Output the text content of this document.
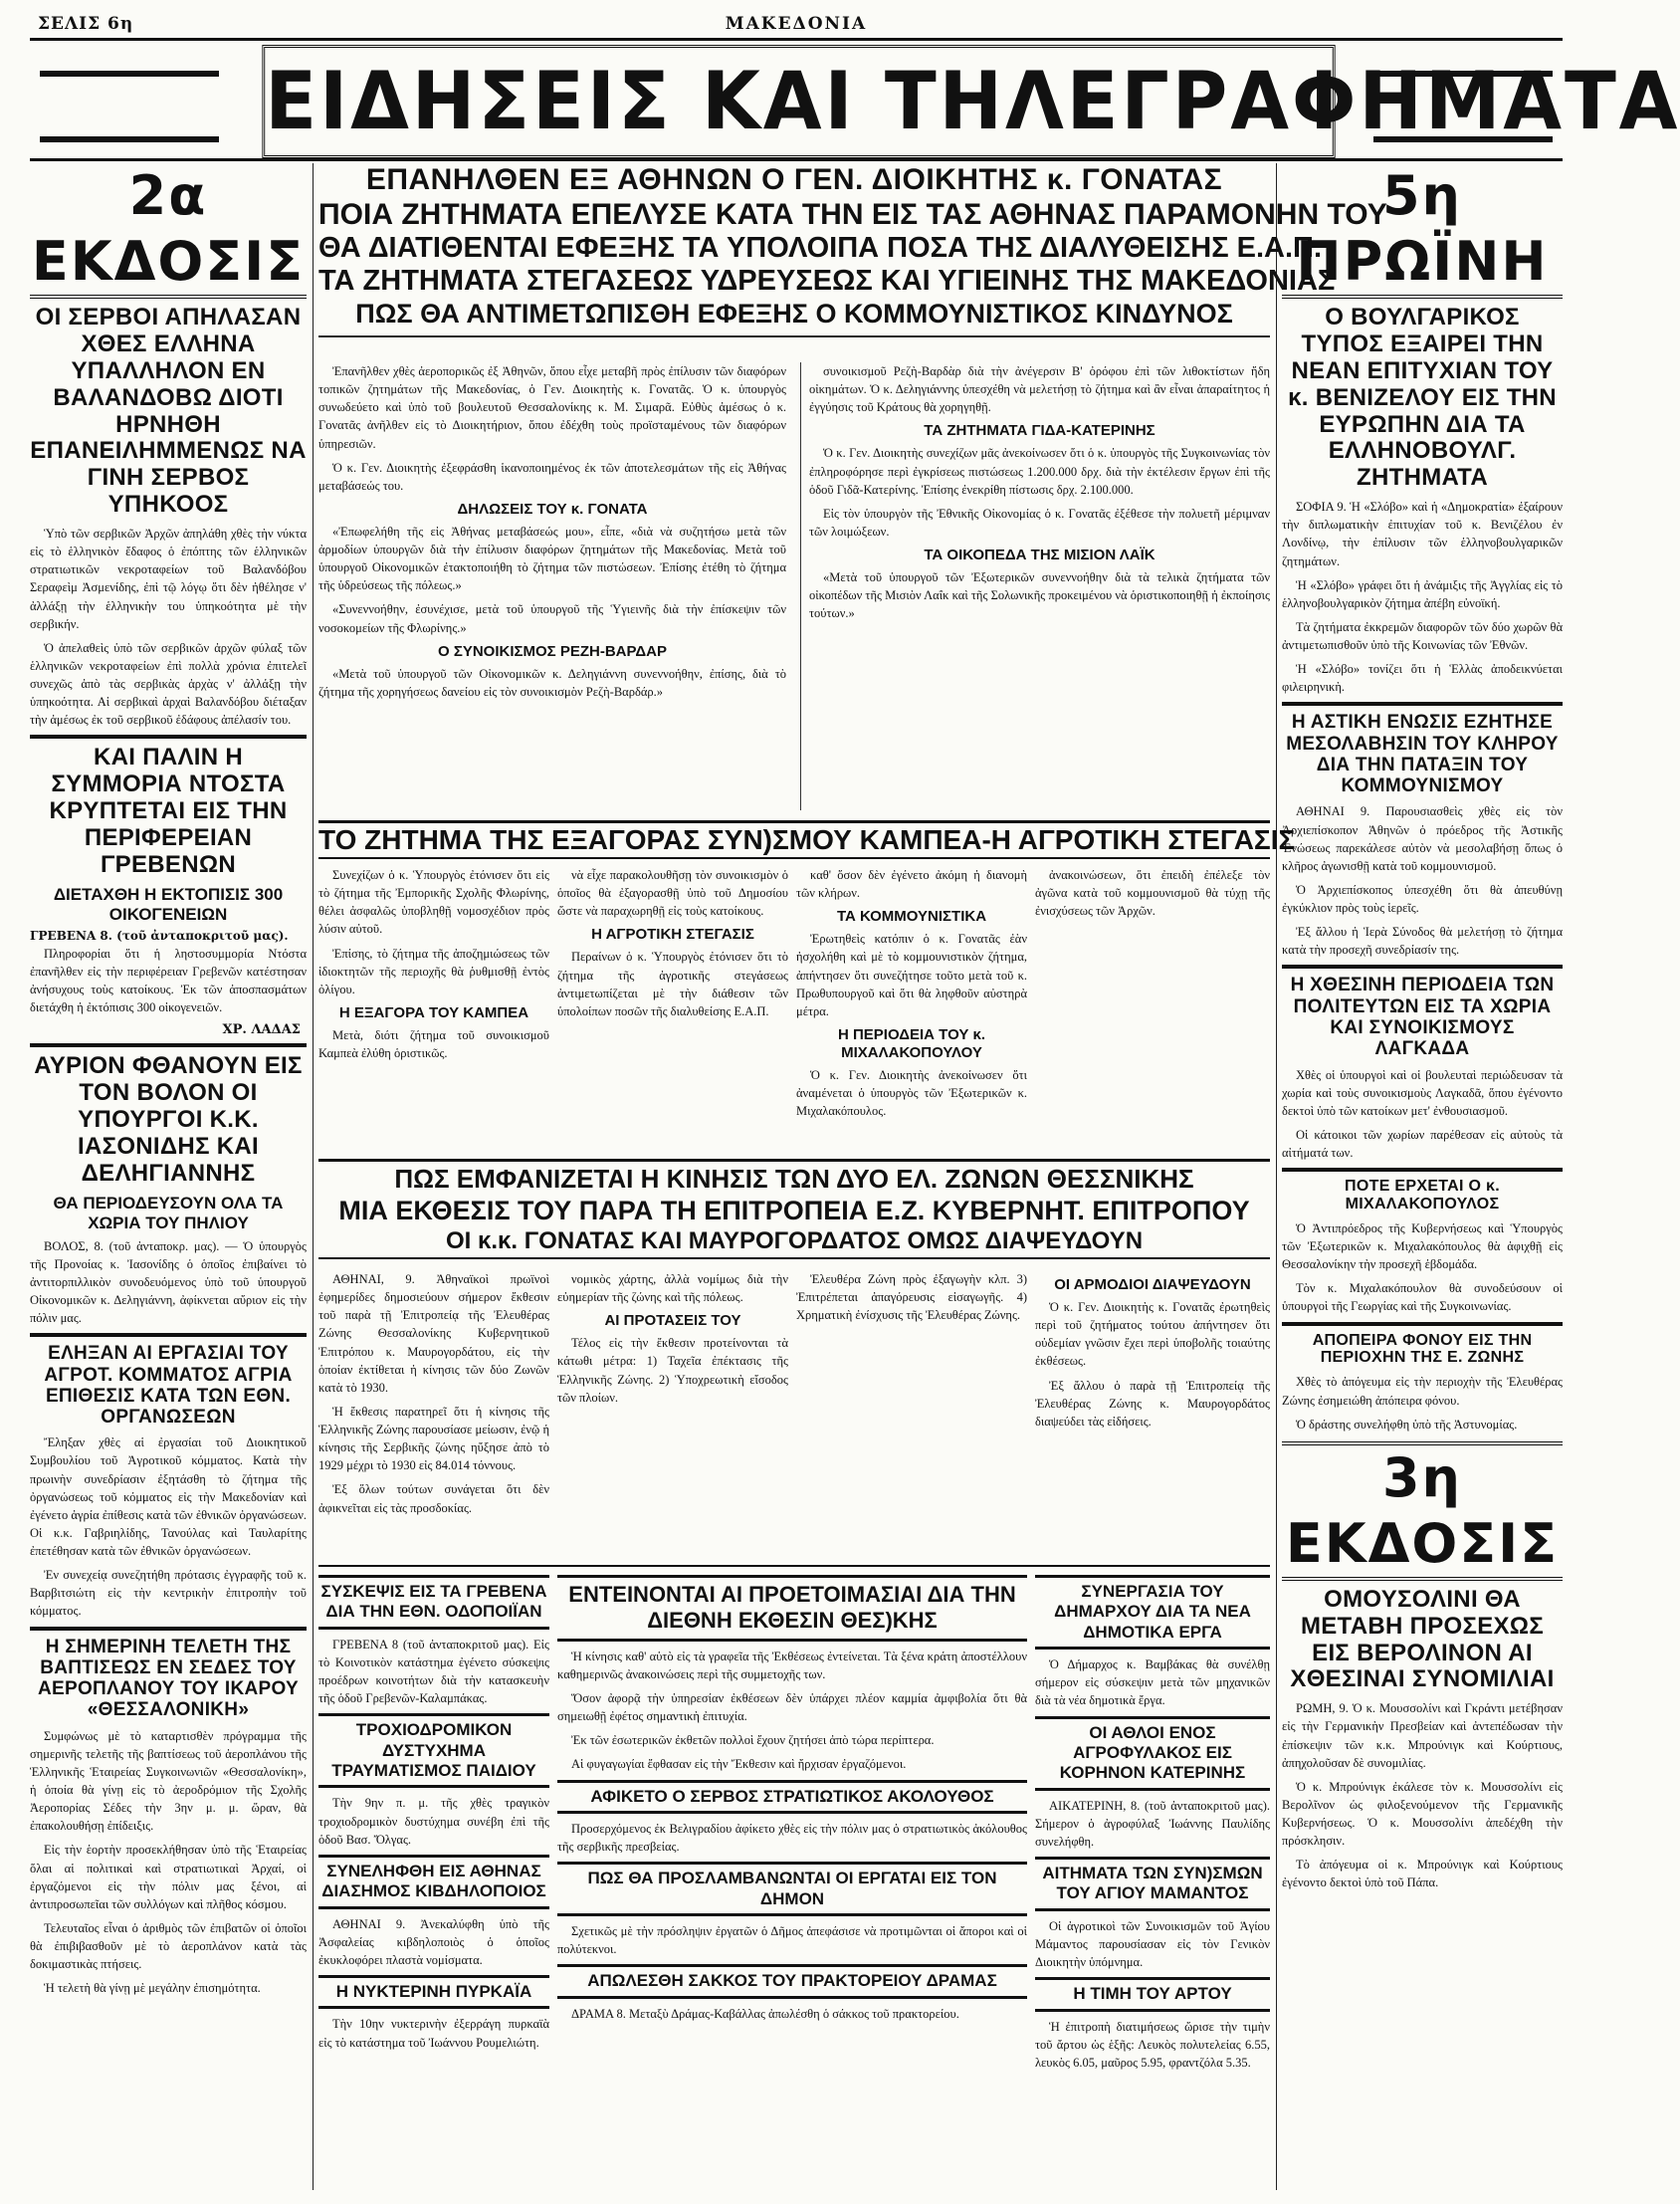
ΣΕΛΙΣ 6η	ΜΑΚΕΔΟΝΙΑ
ΕΙΔΗΣΕΙΣ ΚΑΙ ΤΗΛΕΓΡΑΦΗΜΑΤΑ
2α ΕΚΔΟΣΙΣ
ΟΙ ΣΕΡΒΟΙ ΑΠΗΛΑΣΑΝ ΧΘΕΣ ΕΛΛΗΝΑ ΥΠΑΛΛΗΛΟΝ ΕΝ ΒΑΛΑΝΔΟΒΩ ΔΙΟΤΙ ΗΡΝΗΘΗ ΕΠΑΝΕΙΛΗΜΜΕΝΩΣ ΝΑ ΓΙΝΗ ΣΕΡΒΟΣ ΥΠΗΚΟΟΣ

Ὑπὸ τῶν σερβικῶν Ἀρχῶν ἀπηλάθη χθὲς τὴν νύκτα εἰς τὸ ἑλληνικὸν ἔδαφος ὁ ἐπόπτης τῶν ἑλληνικῶν στρατιωτικῶν νεκροταφείων τοῦ Βαλανδόβου Σεραφεὶμ Ἀσμενίδης, ἐπὶ τῷ λόγῳ ὅτι δὲν ἠθέλησε ν' ἀλλάξῃ τὴν ἑλληνικὴν του ὑπηκοότητα μὲ τὴν σερβικήν.

Ὁ ἀπελαθεὶς ὑπὸ τῶν σερβικῶν ἀρχῶν φύλαξ τῶν ἑλληνικῶν νεκροταφείων ἐπὶ πολλὰ χρόνια ἐπιτελεῖ συνεχῶς ἀπὸ τὰς σερβικὰς ἀρχὰς ν' ἀλλάξῃ τὴν ὑπηκοότητα. Αἱ σερβικαὶ ἀρχαὶ Βαλανδόβου διέταξαν τὴν ἀμέσως ἐκ τοῦ σερβικοῦ ἐδάφους ἀπέλασίν του.

ΚΑΙ ΠΑΛΙΝ Η ΣΥΜΜΟΡΙΑ ΝΤΟΣΤΑ ΚΡΥΠΤΕΤΑΙ ΕΙΣ ΤΗΝ ΠΕΡΙΦΕΡΕΙΑΝ ΓΡΕΒΕΝΩΝ
ΔΙΕΤΑΧΘΗ Η ΕΚΤΟΠΙΣΙΣ 300 ΟΙΚΟΓΕΝΕΙΩΝ
ΓΡΕΒΕΝΑ 8. (τοῦ ἀνταποκριτοῦ μας).

Πληροφορίαι ὅτι ἡ ληστοσυμμορία Ντόστα ἐπανῆλθεν εἰς τὴν περιφέρειαν Γρεβενῶν κατέστησαν ἀνήσυχους τοὺς κατοίκους. Ἐκ τῶν ἀποσπασμάτων διετάχθη ἡ ἐκτόπισις 300 οἰκογενειῶν.

ΧΡ. ΛΑΔΑΣ
ΑΥΡΙΟΝ ΦΘΑΝΟΥΝ ΕΙΣ ΤΟΝ ΒΟΛΟΝ ΟΙ ΥΠΟΥΡΓΟΙ Κ.Κ. ΙΑΣΟΝΙΔΗΣ ΚΑΙ ΔΕΛΗΓΙΑΝΝΗΣ
ΘΑ ΠΕΡΙΟΔΕΥΣΟΥΝ ΟΛΑ ΤΑ ΧΩΡΙΑ ΤΟΥ ΠΗΛΙΟΥ

ΒΟΛΟΣ, 8. (τοῦ ἀνταποκρ. μας). — Ὁ ὑπουργὸς τῆς Προνοίας κ. Ἰασονίδης ὁ ὁποῖος ἐπιβαίνει τὸ ἀντιτορπιλλικὸν συνοδευόμενος ὑπὸ τοῦ ὑπουργοῦ Οἰκονομικῶν κ. Δεληγιάννη, ἀφίκνεται αὔριον εἰς τὴν πόλιν μας.

ΕΛΗΞΑΝ ΑΙ ΕΡΓΑΣΙΑΙ ΤΟΥ ΑΓΡΟΤ. ΚΟΜΜΑΤΟΣ ΑΓΡΙΑ ΕΠΙΘΕΣΙΣ ΚΑΤΑ ΤΩΝ ΕΘΝ. ΟΡΓΑΝΩΣΕΩΝ

Ἔληξαν χθὲς αἱ ἐργασίαι τοῦ Διοικητικοῦ Συμβουλίου τοῦ Ἀγροτικοῦ κόμματος. Κατὰ τὴν πρωινὴν συνεδρίασιν ἐξητάσθη τὸ ζήτημα τῆς ὀργανώσεως τοῦ κόμματος εἰς τὴν Μακεδονίαν καὶ ἐγένετο ἀγρία ἐπίθεσις κατὰ τῶν ἐθνικῶν ὀργανώσεων. Οἱ κ.κ. Γαβριηλίδης, Τανούλας καὶ Ταυλαρίτης ἐπετέθησαν κατὰ τῶν ἐθνικῶν ὀργανώσεων.

Ἐν συνεχείᾳ συνεζητήθη πρότασις ἐγγραφῆς τοῦ κ. Βαρβιτσιώτη εἰς τὴν κεντρικὴν ἐπιτροπὴν τοῦ κόμματος.

Η ΣΗΜΕΡΙΝΗ ΤΕΛΕΤΗ ΤΗΣ ΒΑΠΤΙΣΕΩΣ ΕΝ ΣΕΔΕΣ ΤΟΥ ΑΕΡΟΠΛΑΝΟΥ ΤΟΥ ΙΚΑΡΟΥ «ΘΕΣΣΑΛΟΝΙΚΗ»

Συμφώνως μὲ τὸ καταρτισθὲν πρόγραμμα τῆς σημερινῆς τελετῆς τῆς βαπτίσεως τοῦ ἀεροπλάνου τῆς Ἑλληνικῆς Ἑταιρείας Συγκοινωνιῶν «Θεσσαλονίκη», ἡ ὁποία θὰ γίνῃ εἰς τὸ ἀεροδρόμιον τῆς Σχολῆς Ἀεροπορίας Σέδες τὴν 3ην μ. μ. ὥραν, θὰ ἐπακολουθήσῃ ἐπίδειξις.

Εἰς τὴν ἑορτὴν προσεκλήθησαν ὑπὸ τῆς Ἑταιρείας ὅλαι αἱ πολιτικαὶ καὶ στρατιωτικαὶ Ἀρχαί, οἱ ἐργαζόμενοι εἰς τὴν πόλιν μας ξένοι, αἱ ἀντιπροσωπεῖαι τῶν συλλόγων καὶ πλῆθος κόσμου.

Τελευταῖος εἶναι ὁ ἀριθμὸς τῶν ἐπιβατῶν οἱ ὁποῖοι θὰ ἐπιβιβασθοῦν μὲ τὸ ἀεροπλάνον κατὰ τὰς δοκιμαστικὰς πτήσεις.

Ἡ τελετὴ θὰ γίνῃ μὲ μεγάλην ἐπισημότητα.

ΕΠΑΝΗΛΘΕΝ ΕΞ ΑΘΗΝΩΝ Ο ΓΕΝ. ΔΙΟΙΚΗΤΗΣ κ. ΓΟΝΑΤΑΣ
ΠΟΙΑ ΖΗΤΗΜΑΤΑ ΕΠΕΛΥΣΕ ΚΑΤΑ ΤΗΝ ΕΙΣ ΤΑΣ ΑΘΗΝΑΣ ΠΑΡΑΜΟΝΗΝ ΤΟΥ
ΘΑ ΔΙΑΤΙΘΕΝΤΑΙ ΕΦΕΞΗΣ ΤΑ ΥΠΟΛΟΙΠΑ ΠΟΣΑ ΤΗΣ ΔΙΑΛΥΘΕΙΣΗΣ Ε.Α.Π.
ΤΑ ΖΗΤΗΜΑΤΑ ΣΤΕΓΑΣΕΩΣ ΥΔΡΕΥΣΕΩΣ ΚΑΙ ΥΓΙΕΙΝΗΣ ΤΗΣ ΜΑΚΕΔΟΝΙΑΣ
ΠΩΣ ΘΑ ΑΝΤΙΜΕΤΩΠΙΣΘΗ ΕΦΕΞΗΣ Ο ΚΟΜΜΟΥΝΙΣΤΙΚΟΣ ΚΙΝΔΥΝΟΣ

Ἐπανῆλθεν χθὲς ἀεροπορικῶς ἐξ Ἀθηνῶν, ὅπου εἶχε μεταβῆ πρὸς ἐπίλυσιν τῶν διαφόρων τοπικῶν ζητημάτων τῆς Μακεδονίας, ὁ Γεν. Διοικητὴς κ. Γονατᾶς. Ὁ κ. ὑπουργὸς συνωδεύετο καὶ ὑπὸ τοῦ βουλευτοῦ Θεσσαλονίκης κ. Μ. Σιμαρᾶ. Εὐθὺς ἀμέσως ὁ κ. Γονατᾶς ἀνῆλθεν εἰς τὸ Διοικητήριον, ὅπου ἐδέχθη τοὺς προϊσταμένους τῶν διαφόρων ὑπηρεσιῶν.

Ὁ κ. Γεν. Διοικητὴς ἐξεφράσθη ἱκανοποιημένος ἐκ τῶν ἀποτελεσμάτων τῆς εἰς Ἀθήνας μεταβάσεώς του.

ΔΗΛΩΣΕΙΣ ΤΟΥ κ. ΓΟΝΑΤΑ

«Ἐπωφελήθη τῆς εἰς Ἀθήνας μεταβάσεώς μου», εἶπε, «διὰ νὰ συζητήσω μετὰ τῶν ἀρμοδίων ὑπουργῶν διὰ τὴν ἐπίλυσιν διαφόρων ζητημάτων τῆς Μακεδονίας. Μετὰ τοῦ ὑπουργοῦ Οἰκονομικῶν ἐτακτοποιήθη τὸ ζήτημα τῶν πιστώσεων. Ἐπίσης ἐτέθη τὸ ζήτημα τῆς ὑδρεύσεως τῆς πόλεως.»

«Συνεννοήθην, ἐσυνέχισε, μετὰ τοῦ ὑπουργοῦ τῆς Ὑγιεινῆς διὰ τὴν ἐπίσκεψιν τῶν νοσοκομείων τῆς Φλωρίνης.»

Ο ΣΥΝΟΙΚΙΣΜΟΣ ΡΕΖΗ-ΒΑΡΔΑΡ

«Μετὰ τοῦ ὑπουργοῦ τῶν Οἰκονομικῶν κ. Δεληγιάννη συνεννοήθην, ἐπίσης, διὰ τὸ ζήτημα τῆς χορηγήσεως δανείου εἰς τὸν συνοικισμὸν Ρεζὴ-Βαρδάρ.»

συνοικισμοῦ Ρεζὴ-Βαρδὰρ διὰ τὴν ἀνέγερσιν Β' ὀρόφου ἐπὶ τῶν λιθοκτίστων ἤδη οἰκημάτων. Ὁ κ. Δεληγιάννης ὑπεσχέθη νὰ μελετήσῃ τὸ ζήτημα καὶ ἂν εἶναι ἀπαραίτητος ἡ ἐγγύησις τοῦ Κράτους θὰ χορηγηθῇ.

ΤΑ ΖΗΤΗΜΑΤΑ ΓΙΔΑ-ΚΑΤΕΡΙΝΗΣ

Ὁ κ. Γεν. Διοικητὴς συνεχίζων μᾶς ἀνεκοίνωσεν ὅτι ὁ κ. ὑπουργὸς τῆς Συγκοινωνίας τὸν ἐπληροφόρησε περὶ ἐγκρίσεως πιστώσεως 1.200.000 δρχ. διὰ τὴν ἐκτέλεσιν ἔργων ἐπὶ τῆς ὁδοῦ Γιδᾶ-Κατερίνης. Ἐπίσης ἐνεκρίθη πίστωσις δρχ. 2.100.000.

Εἰς τὸν ὑπουργὸν τῆς Ἐθνικῆς Οἰκονομίας ὁ κ. Γονατᾶς ἐξέθεσε τὴν πολυετῆ μέριμναν τῶν λοιμώξεων.

ΤΑ ΟΙΚΟΠΕΔΑ ΤΗΣ ΜΙΣΙΟΝ ΛΑΪΚ

«Μετὰ τοῦ ὑπουργοῦ τῶν Ἐξωτερικῶν συνεννοήθην διὰ τὰ τελικὰ ζητήματα τῶν οἰκοπέδων τῆς Μισιὸν Λαΐκ καὶ τῆς Σολωνικῆς προκειμένου νὰ ὁριστικοποιηθῇ ἡ ἐκποίησις τούτων.»

ΤΟ ΖΗΤΗΜΑ ΤΗΣ ΕΞΑΓΟΡΑΣ ΣΥΝ)ΣΜΟΥ ΚΑΜΠΕΑ-Η ΑΓΡΟΤΙΚΗ ΣΤΕΓΑΣΙΣ

Συνεχίζων ὁ κ. Ὑπουργὸς ἐτόνισεν ὅτι εἰς τὸ ζήτημα τῆς Ἐμπορικῆς Σχολῆς Φλωρίνης, θέλει ἀσφαλῶς ὑποβληθῇ νομοσχέδιον πρὸς λύσιν αὐτοῦ.

Ἐπίσης, τὸ ζήτημα τῆς ἀποζημιώσεως τῶν ἰδιοκτητῶν τῆς περιοχῆς θὰ ῥυθμισθῇ ἐντὸς ὀλίγου.

Η ΕΞΑΓΟΡΑ ΤΟΥ ΚΑΜΠΕΑ

Μετὰ, διότι ζήτημα τοῦ συνοικισμοῦ Καμπεὰ ἐλύθη ὁριστικῶς.

νὰ εἶχε παρακολουθῆσῃ τὸν συνοικισμὸν ὁ ὁποῖος θὰ ἐξαγορασθῇ ὑπὸ τοῦ Δημοσίου ὥστε νὰ παραχωρηθῇ εἰς τοὺς κατοίκους.

Η ΑΓΡΟΤΙΚΗ ΣΤΕΓΑΣΙΣ

Περαίνων ὁ κ. Ὑπουργὸς ἐτόνισεν ὅτι τὸ ζήτημα τῆς ἀγροτικῆς στεγάσεως ἀντιμετωπίζεται μὲ τὴν διάθεσιν τῶν ὑπολοίπων ποσῶν τῆς διαλυθείσης Ε.Α.Π.

καθ' ὅσον δὲν ἐγένετο ἀκόμη ἡ διανομὴ τῶν κλήρων.

ΤΑ ΚΟΜΜΟΥΝΙΣΤΙΚΑ

Ἐρωτηθεὶς κατόπιν ὁ κ. Γονατᾶς ἐὰν ἠσχολήθη καὶ μὲ τὸ κομμουνιστικὸν ζήτημα, ἀπήντησεν ὅτι συνεζήτησε τοῦτο μετὰ τοῦ κ. Πρωθυπουργοῦ καὶ ὅτι θὰ ληφθοῦν αὐστηρὰ μέτρα.

Η ΠΕΡΙΟΔΕΙΑ ΤΟΥ κ. ΜΙΧΑΛΑΚΟΠΟΥΛΟΥ

Ὁ κ. Γεν. Διοικητὴς ἀνεκοίνωσεν ὅτι ἀναμένεται ὁ ὑπουργὸς τῶν Ἐξωτερικῶν κ. Μιχαλακόπουλος.

ἀνακοινώσεων, ὅτι ἐπειδὴ ἐπέλεξε τὸν ἀγῶνα κατὰ τοῦ κομμουνισμοῦ θὰ τύχῃ τῆς ἐνισχύσεως τῶν Ἀρχῶν.

ΠΩΣ ΕΜΦΑΝΙΖΕΤΑΙ Η ΚΙΝΗΣΙΣ ΤΩΝ ΔΥΟ ΕΛ. ΖΩΝΩΝ ΘΕΣΣΝΙΚΗΣ
ΜΙΑ ΕΚΘΕΣΙΣ ΤΟΥ ΠΑΡΑ ΤΗ ΕΠΙΤΡΟΠΕΙΑ Ε.Ζ. ΚΥΒΕΡΝΗΤ. ΕΠΙΤΡΟΠΟΥ
ΟΙ κ.κ. ΓΟΝΑΤΑΣ ΚΑΙ ΜΑΥΡΟΓΟΡΔΑΤΟΣ ΟΜΩΣ ΔΙΑΨΕΥΔΟΥΝ

ΑΘΗΝΑΙ, 9. Ἀθηναϊκοὶ πρωϊνοὶ ἐφημερίδες δημοσιεύουν σήμερον ἔκθεσιν τοῦ παρὰ τῇ Ἐπιτροπείᾳ τῆς Ἐλευθέρας Ζώνης Θεσσαλονίκης Κυβερνητικοῦ Ἐπιτρόπου κ. Μαυρογορδάτου, εἰς τὴν ὁποίαν ἐκτίθεται ἡ κίνησις τῶν δύο Ζωνῶν κατὰ τὸ 1930.

Ἡ ἔκθεσις παρατηρεῖ ὅτι ἡ κίνησις τῆς Ἑλληνικῆς Ζώνης παρουσίασε μείωσιν, ἐνῷ ἡ κίνησις τῆς Σερβικῆς ζώνης ηὔξησε ἀπὸ τὸ 1929 μέχρι τὸ 1930 εἰς 84.014 τόννους.

Ἐξ ὅλων τούτων συνάγεται ὅτι δὲν ἀφικνεῖται εἰς τὰς προσδοκίας.

νομικὸς χάρτης, ἀλλὰ νομίμως διὰ τὴν εὐημερίαν τῆς ζώνης καὶ τῆς πόλεως.

ΑΙ ΠΡΟΤΑΣΕΙΣ ΤΟΥ

Τέλος εἰς τὴν ἔκθεσιν προτείνονται τὰ κάτωθι μέτρα: 1) Ταχεῖα ἐπέκτασις τῆς Ἑλληνικῆς Ζώνης. 2) Ὑποχρεωτικὴ εἴσοδος τῶν πλοίων.

Ἐλευθέρα Ζώνη πρὸς ἐξαγωγὴν κλπ. 3) Ἐπιτρέπεται ἀπαγόρευσις εἰσαγωγῆς. 4) Χρηματικὴ ἐνίσχυσις τῆς Ἐλευθέρας Ζώνης.

ΟΙ ΑΡΜΟΔΙΟΙ ΔΙΑΨΕΥΔΟΥΝ

Ὁ κ. Γεν. Διοικητὴς κ. Γονατᾶς ἐρωτηθεὶς περὶ τοῦ ζητήματος τούτου ἀπήντησεν ὅτι οὐδεμίαν γνῶσιν ἔχει περὶ ὑποβολῆς τοιαύτης ἐκθέσεως.

Ἐξ ἄλλου ὁ παρὰ τῇ Ἐπιτροπείᾳ τῆς Ἐλευθέρας Ζώνης κ. Μαυρογορδάτος διαψεύδει τὰς εἰδήσεις.

ΣΥΣΚΕΨΙΣ ΕΙΣ ΤΑ ΓΡΕΒΕΝΑ ΔΙΑ ΤΗΝ ΕΘΝ. ΟΔΟΠΟΙΪΑΝ

ΓΡΕΒΕΝΑ 8 (τοῦ ἀνταποκριτοῦ μας). Εἰς τὸ Κοινοτικὸν κατάστημα ἐγένετο σύσκεψις προέδρων κοινοτήτων διὰ τὴν κατασκευὴν τῆς ὁδοῦ Γρεβενῶν-Καλαμπάκας.

ΤΡΟΧΙΟΔΡΟΜΙΚΟΝ ΔΥΣΤΥΧΗΜΑ ΤΡΑΥΜΑΤΙΣΜΟΣ ΠΑΙΔΙΟΥ

Τὴν 9ην π. μ. τῆς χθὲς τραγικὸν τροχιοδρομικὸν δυστύχημα συνέβη ἐπὶ τῆς ὁδοῦ Βασ. Ὄλγας.

ΣΥΝΕΛΗΦΘΗ ΕΙΣ ΑΘΗΝΑΣ ΔΙΑΣΗΜΟΣ ΚΙΒΔΗΛΟΠΟΙΟΣ

ΑΘΗΝΑΙ 9. Ἀνεκαλύφθη ὑπὸ τῆς Ἀσφαλείας κιβδηλοποιὸς ὁ ὁποῖος ἐκυκλοφόρει πλαστὰ νομίσματα.

Η ΝΥΚΤΕΡΙΝΗ ΠΥΡΚΑΪΑ

Τὴν 10ην νυκτερινὴν ἐξερράγη πυρκαϊὰ εἰς τὸ κατάστημα τοῦ Ἰωάννου Ρουμελιώτη.

ΕΝΤΕΙΝΟΝΤΑΙ ΑΙ ΠΡΟΕΤΟΙΜΑΣΙΑΙ ΔΙΑ ΤΗΝ ΔΙΕΘΝΗ ΕΚΘΕΣΙΝ ΘΕΣ)ΚΗΣ

Ἡ κίνησις καθ' αὑτὸ εἰς τὰ γραφεῖα τῆς Ἐκθέσεως ἐντείνεται. Τὰ ξένα κράτη ἀποστέλλουν καθημερινῶς ἀνακοινώσεις περὶ τῆς συμμετοχῆς των.

Ὅσον ἀφορᾷ τὴν ὑπηρεσίαν ἐκθέσεων δὲν ὑπάρχει πλέον καμμία ἀμφιβολία ὅτι θὰ σημειωθῇ ἐφέτος σημαντικὴ ἐπιτυχία.

Ἐκ τῶν ἐσωτερικῶν ἐκθετῶν πολλοὶ ἔχουν ζητήσει ἀπὸ τώρα περίπτερα.

Αἱ φυγαγωγίαι ἔφθασαν εἰς τὴν Ἔκθεσιν καὶ ἤρχισαν ἐργαζόμενοι.

ΑΦΙΚΕΤΟ Ο ΣΕΡΒΟΣ ΣΤΡΑΤΙΩΤΙΚΟΣ ΑΚΟΛΟΥΘΟΣ

Προσερχόμενος ἐκ Βελιγραδίου ἀφίκετο χθὲς εἰς τὴν πόλιν μας ὁ στρατιωτικὸς ἀκόλουθος τῆς σερβικῆς πρεσβείας.

ΠΩΣ ΘΑ ΠΡΟΣΛΑΜΒΑΝΩΝΤΑΙ ΟΙ ΕΡΓΑΤΑΙ ΕΙΣ ΤΟΝ ΔΗΜΟΝ

Σχετικῶς μὲ τὴν πρόσληψιν ἐργατῶν ὁ Δῆμος ἀπεφάσισε νὰ προτιμῶνται οἱ ἄποροι καὶ οἱ πολύτεκνοι.

ΑΠΩΛΕΣΘΗ ΣΑΚΚΟΣ ΤΟΥ ΠΡΑΚΤΟΡΕΙΟΥ ΔΡΑΜΑΣ

ΔΡΑΜΑ 8. Μεταξὺ Δράμας-Καβάλλας ἀπωλέσθη ὁ σάκκος τοῦ πρακτορείου.

ΣΥΝΕΡΓΑΣΙΑ ΤΟΥ ΔΗΜΑΡΧΟΥ ΔΙΑ ΤΑ ΝΕΑ ΔΗΜΟΤΙΚΑ ΕΡΓΑ

Ὁ Δήμαρχος κ. Βαμβάκας θὰ συνέλθῃ σήμερον εἰς σύσκεψιν μετὰ τῶν μηχανικῶν διὰ τὰ νέα δημοτικὰ ἔργα.

ΟΙ ΑΘΛΟΙ ΕΝΟΣ ΑΓΡΟΦΥΛΑΚΟΣ ΕΙΣ ΚΟΡΗΝΟΝ ΚΑΤΕΡΙΝΗΣ

ΑΙΚΑΤΕΡΙΝΗ, 8. (τοῦ ἀνταποκριτοῦ μας). Σήμερον ὁ ἀγροφύλαξ Ἰωάννης Παυλίδης συνελήφθη.

ΑΙΤΗΜΑΤΑ ΤΩΝ ΣΥΝ)ΣΜΩΝ ΤΟΥ ΑΓΙΟΥ ΜΑΜΑΝΤΟΣ

Οἱ ἀγροτικοὶ τῶν Συνοικισμῶν τοῦ Ἁγίου Μάμαντος παρουσίασαν εἰς τὸν Γενικὸν Διοικητὴν ὑπόμνημα.

Η ΤΙΜΗ ΤΟΥ ΑΡΤΟΥ

Ἡ ἐπιτροπὴ διατιμήσεως ὥρισε τὴν τιμὴν τοῦ ἄρτου ὡς ἑξῆς: Λευκὸς πολυτελείας 6.55, λευκὸς 6.05, μαῦρος 5.95, φραντζόλα 5.35.

5η ΠΡΩΪΝΗ
Ο ΒΟΥΛΓΑΡΙΚΟΣ ΤΥΠΟΣ ΕΞΑΙΡΕΙ ΤΗΝ ΝΕΑΝ ΕΠΙΤΥΧΙΑΝ ΤΟΥ κ. ΒΕΝΙΖΕΛΟΥ ΕΙΣ ΤΗΝ ΕΥΡΩΠΗΝ ΔΙΑ ΤΑ ΕΛΛΗΝΟΒΟΥΛΓ. ΖΗΤΗΜΑΤΑ

ΣΟΦΙΑ 9. Ἡ «Σλόβο» καὶ ἡ «Δημοκρατία» ἐξαίρουν τὴν διπλωματικὴν ἐπιτυχίαν τοῦ κ. Βενιζέλου ἐν Λονδίνῳ, τὴν ἐπίλυσιν τῶν ἑλληνοβουλγαρικῶν ζητημάτων.

Ἡ «Σλόβο» γράφει ὅτι ἡ ἀνάμιξις τῆς Ἀγγλίας εἰς τὸ ἑλληνοβουλγαρικὸν ζήτημα ἀπέβη εὐνοϊκή.

Τὰ ζητήματα ἐκκρεμῶν διαφορῶν τῶν δύο χωρῶν θὰ ἀντιμετωπισθοῦν ὑπὸ τῆς Κοινωνίας τῶν Ἐθνῶν.

Ἡ «Σλόβο» τονίζει ὅτι ἡ Ἑλλὰς ἀποδεικνύεται φιλειρηνικὴ.

Η ΑΣΤΙΚΗ ΕΝΩΣΙΣ ΕΖΗΤΗΣΕ ΜΕΣΟΛΑΒΗΣΙΝ ΤΟΥ ΚΛΗΡΟΥ ΔΙΑ ΤΗΝ ΠΑΤΑΞΙΝ ΤΟΥ ΚΟΜΜΟΥΝΙΣΜΟΥ

ΑΘΗΝΑΙ 9. Παρουσιασθεὶς χθὲς εἰς τὸν Ἀρχιεπίσκοπον Ἀθηνῶν ὁ πρόεδρος τῆς Ἀστικῆς Ἑνώσεως παρεκάλεσε αὐτὸν νὰ μεσολαβήσῃ ὅπως ὁ κλῆρος ἀγωνισθῇ κατὰ τοῦ κομμουνισμοῦ.

Ὁ Ἀρχιεπίσκοπος ὑπεσχέθη ὅτι θὰ ἀπευθύνῃ ἐγκύκλιον πρὸς τοὺς ἱερεῖς.

Ἐξ ἄλλου ἡ Ἱερὰ Σύνοδος θὰ μελετήσῃ τὸ ζήτημα κατὰ τὴν προσεχῆ συνεδρίασίν της.

Η ΧΘΕΣΙΝΗ ΠΕΡΙΟΔΕΙΑ ΤΩΝ ΠΟΛΙΤΕΥΤΩΝ ΕΙΣ ΤΑ ΧΩΡΙΑ ΚΑΙ ΣΥΝΟΙΚΙΣΜΟΥΣ ΛΑΓΚΑΔΑ

Χθὲς οἱ ὑπουργοὶ καὶ οἱ βουλευταὶ περιώδευσαν τὰ χωρία καὶ τοὺς συνοικισμοὺς Λαγκαδᾶ, ὅπου ἐγένοντο δεκτοὶ ὑπὸ τῶν κατοίκων μετ' ἐνθουσιασμοῦ.

Οἱ κάτοικοι τῶν χωρίων παρέθεσαν εἰς αὐτοὺς τὰ αἰτήματά των.

ΠΟΤΕ ΕΡΧΕΤΑΙ Ο κ. ΜΙΧΑΛΑΚΟΠΟΥΛΟΣ

Ὁ Ἀντιπρόεδρος τῆς Κυβερνήσεως καὶ Ὑπουργὸς τῶν Ἐξωτερικῶν κ. Μιχαλακόπουλος θὰ ἀφιχθῇ εἰς Θεσσαλονίκην τὴν προσεχῆ ἑβδομάδα.

Τὸν κ. Μιχαλακόπουλον θὰ συνοδεύσουν οἱ ὑπουργοὶ τῆς Γεωργίας καὶ τῆς Συγκοινωνίας.

ΑΠΟΠΕΙΡΑ ΦΟΝΟΥ ΕΙΣ ΤΗΝ ΠΕΡΙΟΧΗΝ ΤΗΣ Ε. ΖΩΝΗΣ

Χθὲς τὸ ἀπόγευμα εἰς τὴν περιοχὴν τῆς Ἐλευθέρας Ζώνης ἐσημειώθη ἀπόπειρα φόνου.

Ὁ δράστης συνελήφθη ὑπὸ τῆς Ἀστυνομίας.

3η ΕΚΔΟΣΙΣ
ΟΜΟΥΣΟΛΙΝΙ ΘΑ ΜΕΤΑΒΗ ΠΡΟΣΕΧΩΣ ΕΙΣ ΒΕΡΟΛΙΝΟΝ ΑΙ ΧΘΕΣΙΝΑΙ ΣΥΝΟΜΙΛΙΑΙ

ΡΩΜΗ, 9. Ὁ κ. Μουσσολίνι καὶ Γκράντι μετέβησαν εἰς τὴν Γερμανικὴν Πρεσβείαν καὶ ἀντεπέδωσαν τὴν ἐπίσκεψιν τῶν κ.κ. Μπρούνιγκ καὶ Κούρτιους, ἀπηχολοῦσαν δὲ συνομιλίας.

Ὁ κ. Μπρούνιγκ ἐκάλεσε τὸν κ. Μουσσολίνι εἰς Βερολῖνον ὡς φιλοξενούμενον τῆς Γερμανικῆς Κυβερνήσεως. Ὁ κ. Μουσσολίνι ἀπεδέχθη τὴν πρόσκλησιν.

Τὸ ἀπόγευμα οἱ κ. Μπρούνιγκ καὶ Κούρτιους ἐγένοντο δεκτοὶ ὑπὸ τοῦ Πάπα.
